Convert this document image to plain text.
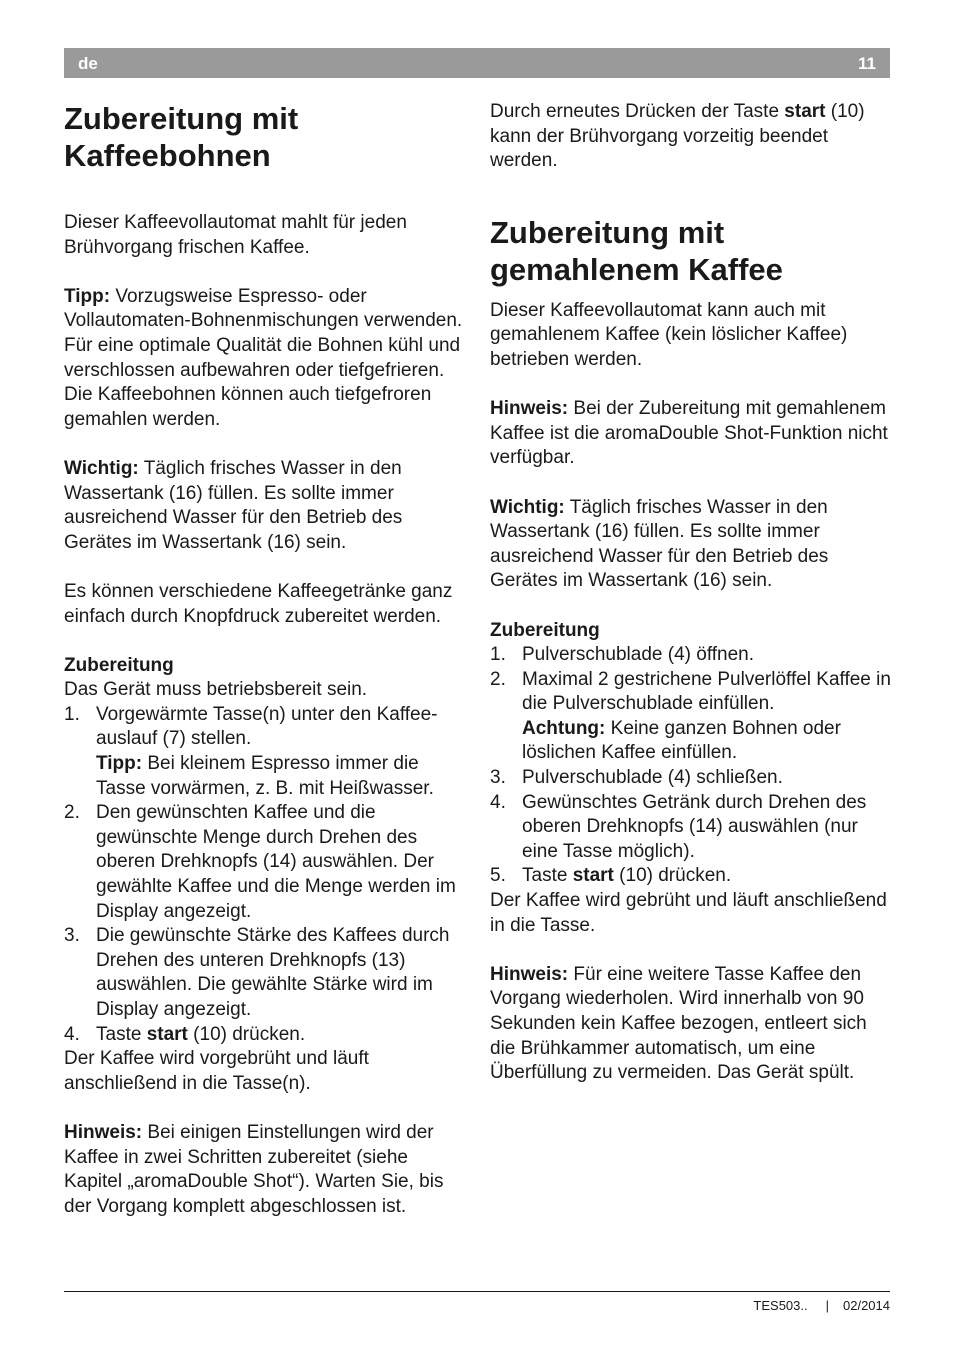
de	11
Zubereitung mit
Kaffeebohnen

Dieser Kaffeevollautomat mahlt für jeden Brühvorgang frischen Kaffee.

Tipp: Vorzugsweise Espresso- oder Vollautomaten-Bohnenmischungen verwenden. Für eine optimale Qualität die Bohnen kühl und verschlossen aufbewahren oder tiefgefrieren. Die Kaffeebohnen können auch tiefgefroren gemahlen werden.

Wichtig: Täglich frisches Wasser in den Wassertank (16) füllen. Es sollte immer ausreichend Wasser für den Betrieb des Gerätes im Wassertank (16) sein.

Es können verschiedene Kaffeegetränke ganz einfach durch Knopfdruck zubereitet werden.

Zubereitung

Das Gerät muss betriebsbereit sein.

1. Vorgewärmte Tasse(n) unter den Kaffeeauslauf (7) stellen.
Tipp: Bei kleinem Espresso immer die Tasse vorwärmen, z. B. mit Heißwasser.
2. Den gewünschten Kaffee und die gewünschte Menge durch Drehen des oberen Drehknopfs (14) auswählen. Der gewählte Kaffee und die Menge werden im Display angezeigt.
3. Die gewünschte Stärke des Kaffees durch Drehen des unteren Drehknopfs (13) auswählen. Die gewählte Stärke wird im Display angezeigt.
4. Taste start (10) drücken.

Der Kaffee wird vorgebrüht und läuft anschließend in die Tasse(n).

Hinweis: Bei einigen Einstellungen wird der Kaffee in zwei Schritten zubereitet (siehe Kapitel „aromaDouble Shot“). Warten Sie, bis der Vorgang komplett abgeschlossen ist.

Durch erneutes Drücken der Taste start (10) kann der Brühvorgang vorzeitig beendet werden.

Zubereitung mit
gemahlenem Kaffee

Dieser Kaffeevollautomat kann auch mit gemahlenem Kaffee (kein löslicher Kaffee) betrieben werden.

Hinweis: Bei der Zubereitung mit gemahlenem Kaffee ist die aromaDouble Shot-Funktion nicht verfügbar.

Wichtig: Täglich frisches Wasser in den Wassertank (16) füllen. Es sollte immer ausreichend Wasser für den Betrieb des Gerätes im Wassertank (16) sein.

Zubereitung

1. Pulverschublade (4) öffnen.
2. Maximal 2 gestrichene Pulverlöffel Kaffee in die Pulverschublade einfüllen.
Achtung: Keine ganzen Bohnen oder löslichen Kaffee einfüllen.
3. Pulverschublade (4) schließen.
4. Gewünschtes Getränk durch Drehen des oberen Drehknopfs (14) auswählen (nur eine Tasse möglich).
5. Taste start (10) drücken.

Der Kaffee wird gebrüht und läuft anschließend in die Tasse.

Hinweis: Für eine weitere Tasse Kaffee den Vorgang wiederholen. Wird innerhalb von 90 Sekunden kein Kaffee bezogen, entleert sich die Brühkammer automatisch, um eine Überfüllung zu vermeiden. Das Gerät spült.

TES503.. | 02/2014
